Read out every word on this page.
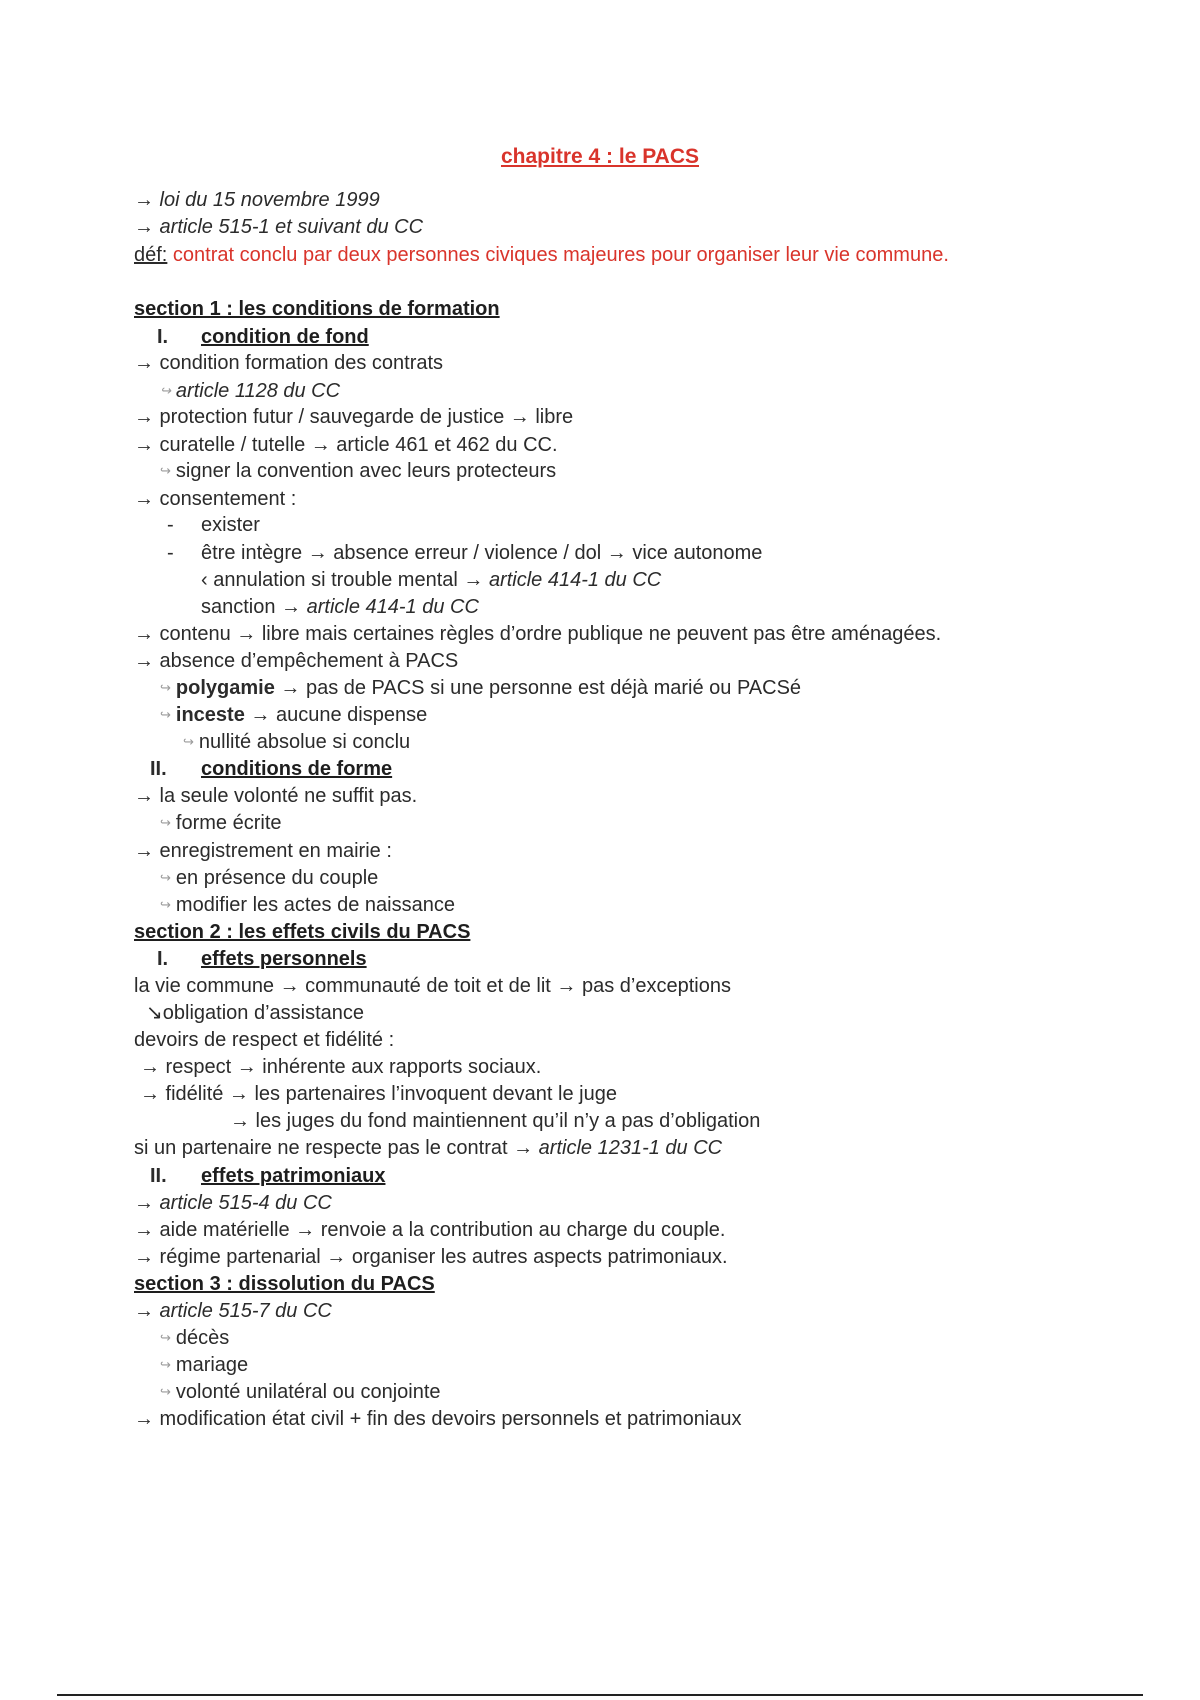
chapitre 4 : le PACS
→ loi du 15 novembre 1999
→ article 515-1 et suivant du CC
déf: contrat conclu par deux personnes civiques majeures pour organiser leur vie commune.
section 1 : les conditions de formation
I. condition de fond
→ condition formation des contrats
↪ article 1128 du CC
→ protection futur / sauvegarde de justice → libre
→ curatelle / tutelle → article 461 et 462 du CC.
↪ signer la convention avec leurs protecteurs
→ consentement :
- exister
- être intègre → absence erreur / violence / dol → vice autonome
‹ annulation si trouble mental → article 414-1 du CC
sanction → article 414-1 du CC
→ contenu → libre mais certaines règles d’ordre publique ne peuvent pas être aménagées.
→ absence d’empêchement à PACS
↪ polygamie → pas de PACS si une personne est déjà marié ou PACSé
↪ inceste → aucune dispense
↪ nullité absolue si conclu
II. conditions de forme
→ la seule volonté ne suffit pas.
↪ forme écrite
→ enregistrement en mairie :
↪ en présence du couple
↪ modifier les actes de naissance
section 2 : les effets civils du PACS
I. effets personnels
la vie commune → communauté de toit et de lit → pas d’exceptions
↘obligation d’assistance
devoirs de respect et fidélité :
→ respect → inhérente aux rapports sociaux.
→ fidélité → les partenaires l’invoquent devant le juge
→ les juges du fond maintiennent qu’il n’y a pas d’obligation
si un partenaire ne respecte pas le contrat → article 1231-1 du CC
II. effets patrimoniaux
→ article 515-4 du CC
→ aide matérielle → renvoie a la contribution au charge du couple.
→ régime partenarial → organiser les autres aspects patrimoniaux.
section 3 : dissolution du PACS
→ article 515-7 du CC
↪ décès
↪ mariage
↪ volonté unilatéral ou conjointe
→ modification état civil + fin des devoirs personnels et patrimoniaux
